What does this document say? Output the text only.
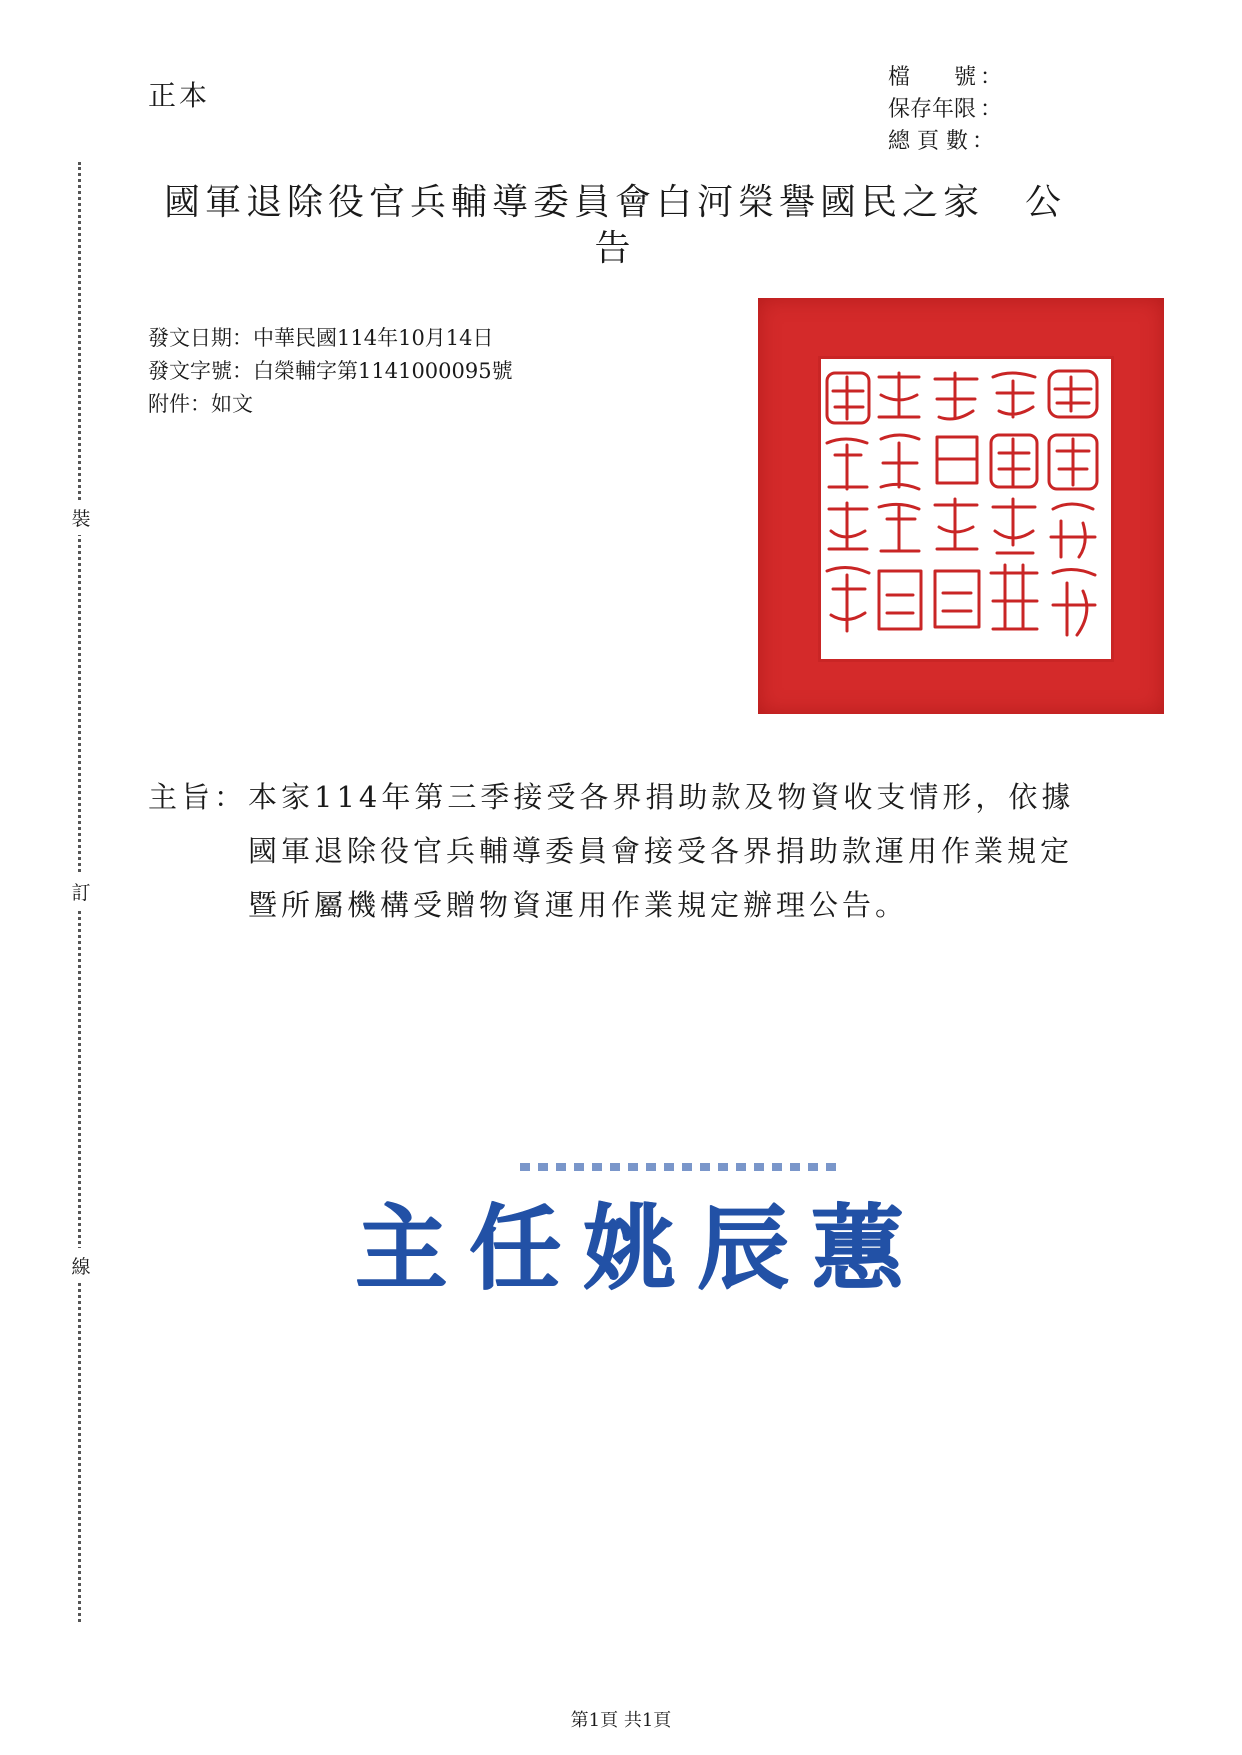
正本
檔　　號 ：
保存年限 ：
總 頁 數 ：
裝
訂
線
國軍退除役官兵輔導委員會白河榮譽國民之家　公
告
發文日期：中華民國114年10月14日
發文字號：白榮輔字第1141000095號
附件：如文
主旨： 本家114年第三季接受各界捐助款及物資收支情形，依據國軍退除役官兵輔導委員會接受各界捐助款運用作業規定暨所屬機構受贈物資運用作業規定辦理公告。
主任姚辰蕙
第1頁 共1頁
